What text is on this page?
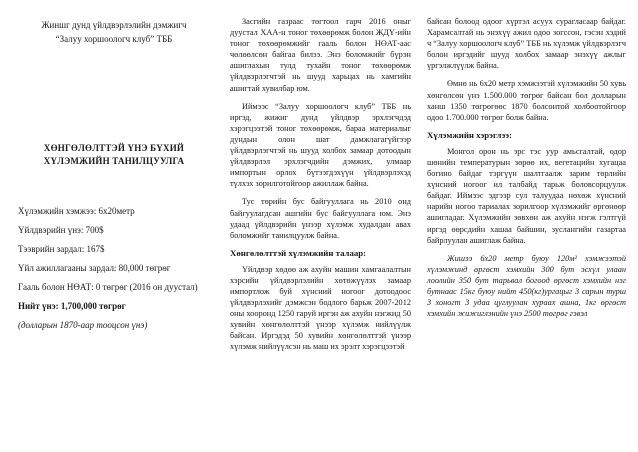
Жиншг дунд үйлдвэрлэлийн дэмжигч

“Залуу хоршоологч клуб” ТББ

ХӨНГӨЛӨЛТТЭЙ ҮНЭ БҮХИЙ

ХҮЛЭМЖИЙН ТАНИЛЦУУЛГА

Хүлэмжийн хэмжээ: 6х20метр

Үйлдвэрийн үнэ: 700$

Тээврийн зардал: 167$

Үйл ажиллагааны зардал: 80,000 төгрөг

Гааль болон НӨАТ: 0 төгрөг (2016 он дуустал)

Нийт үнэ: 1,700,000 төгрөг

(долларын 1870-аар тооцсон үнэ)

Засгийн газраас төгтоол гарч 2016 оныг дуустал ХАА-н тоног төхөөрөмж болон ЖДҮ-ийн тоног төхөөрөмжийг гааль болон НӨАТ-аас чөлөөлсөн байгаа билээ. Энэ боломжийг бүрэн ашиглахын тулд тухайн тоног төхөөрөмж үйлдвэрлэгчтэй нь шууд харьцах нь хамгийн ашигтай хувилбар юм.

Иймээс “Залуу хоршоологч клуб” ТББ нь иргэд, жижиг дунд үйлдвэр эрхлэгчдэд хэрэгцээтэй тоног төхөөрөмж, бараа материалыг дундын олон шат дамжлагагүйгээр үйлдвэрлэгчтэй нь шууд холбох замаар дотоодын үйлдвэрлэл эрхлэгчдийн дэмжих, улмаар импортын орлох бүтээгдэхүүн үйлдвэрлэхэд түлхэх зорилготойгоор ажиллаж байна.

Тус төрийн бус байгууллага нь 2010 онд байгуулагдсан ашгийн бус байгууллага юм. Энэ удаад үйлдвэрийн үнээр хүлэмж худалдан авах боломжийг танилцуулж байна.

Хөнгөлөлттэй хүлэмжийн талаар:

Үйлдвэр хөдөө аж ахуйн машин хамгаалалтын хэрсийн үйлдвэрлэлийн хөтөжүүлэх замаар импортлож буй хүнсний ногоог дотоодоос үйлдвэрлэхийг дэмжсэн бодлого барьж 2007-2012 оны хооронд 1250 гаруй иргэн аж ахуйн нэгжид 50 хувийн хөнгөлөлттэй үнээр хүлэмж нийлүүлж байсан. Иргэдэд 50 хувийн хөнгөлөлттэй үнээр хүлэмж нийлүүлсэн нь маш их эрэлт хэрэгцээтэй

байсан болоод одоог хүртэл асуух сурагласаар байдаг. Харамсалтай нь энэхүү ажил одоо зогссон, гэсэн хэдий ч “Залуу хоршоологч клуб” ТББ нь хүлэмж үйлдвэрлэгч болон иргэдийг шууд холбох замаар энэхүү ажлыг үргэлжлүүлж байна.

Өмнө нь 6х20 метр хэмжээтэй хүлэмжийн 50 хувь хөнгөлсөн үнэ 1.500.000 төгрөг байсан бол долларын ханш 1350 төгрөгөөс 1870 болсонтой холбоотойгоор одоо 1.700.000 төгрөг болж байна.

Хүлэмжийн хэрэглээ:

Монгол орон нь эрс тэс уур амьсгалтай, одор шөнийн температурын зөрөө их, вегетацийн хугацаа богино байдаг тэргүүн шалтгаалж зарим төрлийн хүнсний ногоог ил талбайд тарьж боловсорцуулж байдаг. Иймээс эдгээр сул талуудаа нөхөж хүнсний нарийн ногоо тариалах зорилгоор хүлэмжийг өргөнөөр ашигладаг. Хүлэмжийн зөвхөн аж ахуйн нэгж гэлтгүй иргэд өөрсдийн хашаа байшин, зуслангийн газартаа байрлуулан ашиглаж байна.

Жишээ 6х20 метр буюу 120м² хэмжээтэй хүлэмжинд өргөст хэмхийн 300 бут эсхүл улаан лоолийн 350 бут тарьвал богоод өргөст хэмхийн нэг бутнаас 15кг буюу нийт 450(кг)ургацыг 3 сарын турш 3 хоногт 3 удаа цуглуулан хураах ашна, 1кг өргөст хэмхийн жижиглэнийн үнэ 2500 төгрөг гэвэл
